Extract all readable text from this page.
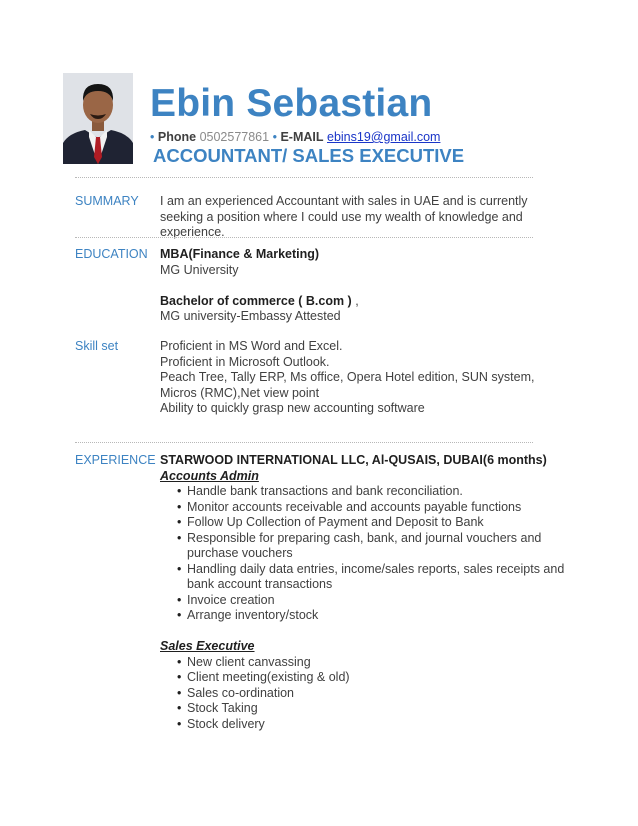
Ebin Sebastian
• Phone 0502577861 • E-MAIL ebins19@gmail.com
ACCOUNTANT/ SALES EXECUTIVE
SUMMARY I am an experienced Accountant with sales in UAE and is currently seeking a position where I could use my wealth of knowledge and experience.

EDUCATION MBA(Finance & Marketing)

MG University

Bachelor of commerce ( B.com ) ,

MG university-Embassy Attested

Skill set	Proficient in MS Word and Excel.

Proficient in Microsoft Outlook.

Peach Tree, Tally ERP, Ms office, Opera Hotel edition, SUN system, Micros (RMC),Net view point

Ability to quickly grasp new accounting software

EXPERIENCE STARWOOD INTERNATIONAL LLC, Al-QUSAIS, DUBAI(6 months)

Accounts Admin

• Handle bank transactions and bank reconciliation.
• Monitor accounts receivable and accounts payable functions
• Follow Up Collection of Payment and Deposit to Bank
• Responsible for preparing cash, bank, and journal vouchers and purchase vouchers
• Handling daily data entries, income/sales reports, sales receipts and bank account transactions
• Invoice creation
• Arrange inventory/stock

Sales Executive

• New client canvassing
• Client meeting(existing & old)
• Sales co-ordination
• Stock Taking
• Stock delivery
